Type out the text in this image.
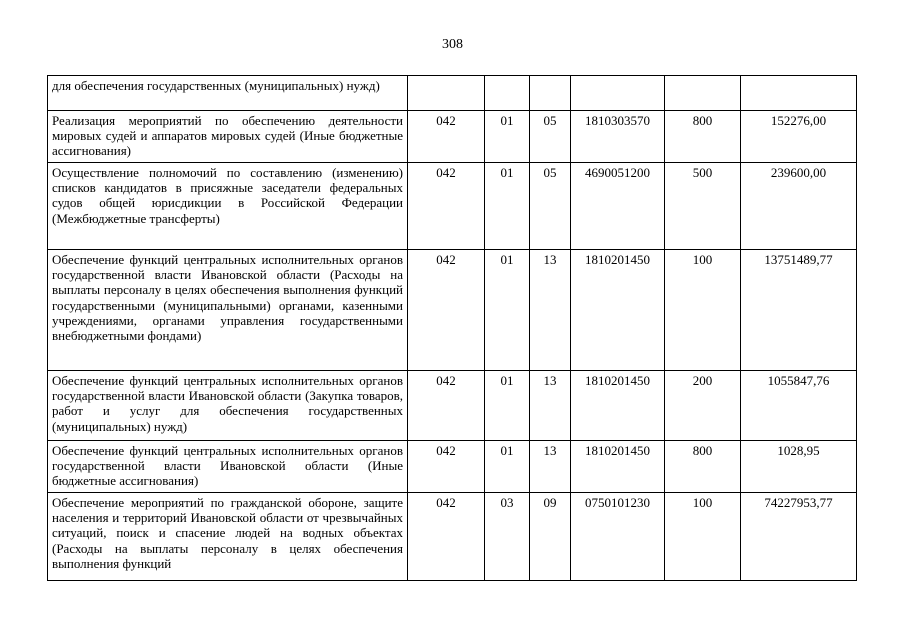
308
для обеспечения государственных (муниципальных) нужд)						
Реализация мероприятий по обеспечению деятельности мировых судей и аппаратов мировых судей (Иные бюджетные ассигнования)	042	01	05	1810303570	800	152276,00
Осуществление полномочий по составлению (изменению) списков кандидатов в присяжные заседатели федеральных судов общей юрисдикции в Российской Федерации (Межбюджетные трансферты)	042	01	05	4690051200	500	239600,00
Обеспечение функций центральных исполнительных органов государственной власти Ивановской области (Расходы на выплаты персоналу в целях обеспечения выполнения функций государственными (муниципальными) органами, казенными учреждениями, органами управления государственными внебюджетными фондами)	042	01	13	1810201450	100	13751489,77
Обеспечение функций центральных исполнительных органов государственной власти Ивановской области (Закупка товаров, работ и услуг для обеспечения государственных (муниципальных) нужд)	042	01	13	1810201450	200	1055847,76
Обеспечение функций центральных исполнительных органов государственной власти Ивановской области (Иные бюджетные ассигнования)	042	01	13	1810201450	800	1028,95
Обеспечение мероприятий по гражданской обороне, защите населения и территорий Ивановской области от чрезвычайных ситуаций, поиск и спасение людей на водных объектах (Расходы на выплаты персоналу в целях обеспечения выполнения функций	042	03	09	0750101230	100	74227953,77
